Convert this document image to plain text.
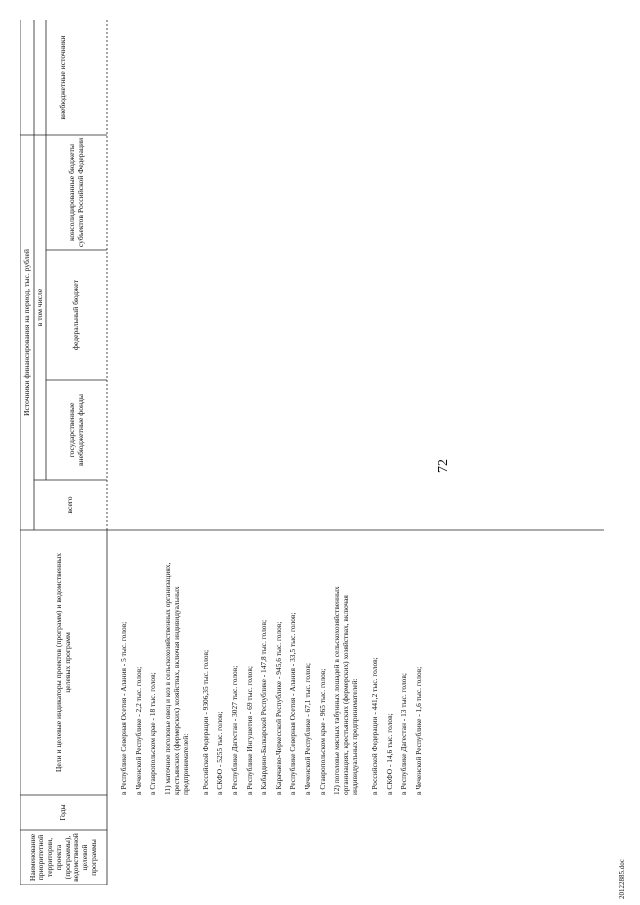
72
Наименование приоритетной территории, проекта (программы), ведомственной целевой программы
Годы
Цели и целевые индикаторы проектов (программ) и ведомственных целевых программ
Источники финансирования на период, тыс. рублей
всего
в том числе	федеральный бюджет
государственные внебюджетные фонды
консолидированные бюджеты субъектов Российской Федерации
внебюджетные источники
в Республике Северная Осетия - Алания - 5 тыс. голов; в Чеченской Республике - 2,2 тыс. голов; в Ставропольском крае - 18 тыс. голов; 11) маточное поголовье овец и коз в сельскохозяйственных организациях, крестьянских (фермерских) хозяйствах, включая индивидуальных предпринимателей: в Российской Федерации - 9306,35 тыс. голов; в СКФО - 5255 тыс. голов; в Республике Дагестан - 3027 тыс. голов; в Республике Ингушетия - 69 тыс. голов; в Кабардино-Балкарской Республике - 147,8 тыс. голов; в Карачаево-Черкесской Республике - 945,6 тыс. голов; в Республике Северная Осетия - Алания - 33,5 тыс. голов; в Чеченской Республике - 67,1 тыс. голов; в Ставропольском крае - 965 тыс. голов; 12) поголовье мясных табунных лошадей в сельскохозяйственных организациях, крестьянских (фермерских) хозяйствах, включая индивидуальных предпринимателей: в Российской Федерации - 441,2 тыс. голов; в СКФО - 14,6 тыс. голов; в Республике Дагестан - 13 тыс. голов; в Чеченской Республике - 1,6 тыс. голов;
20122885.doc
